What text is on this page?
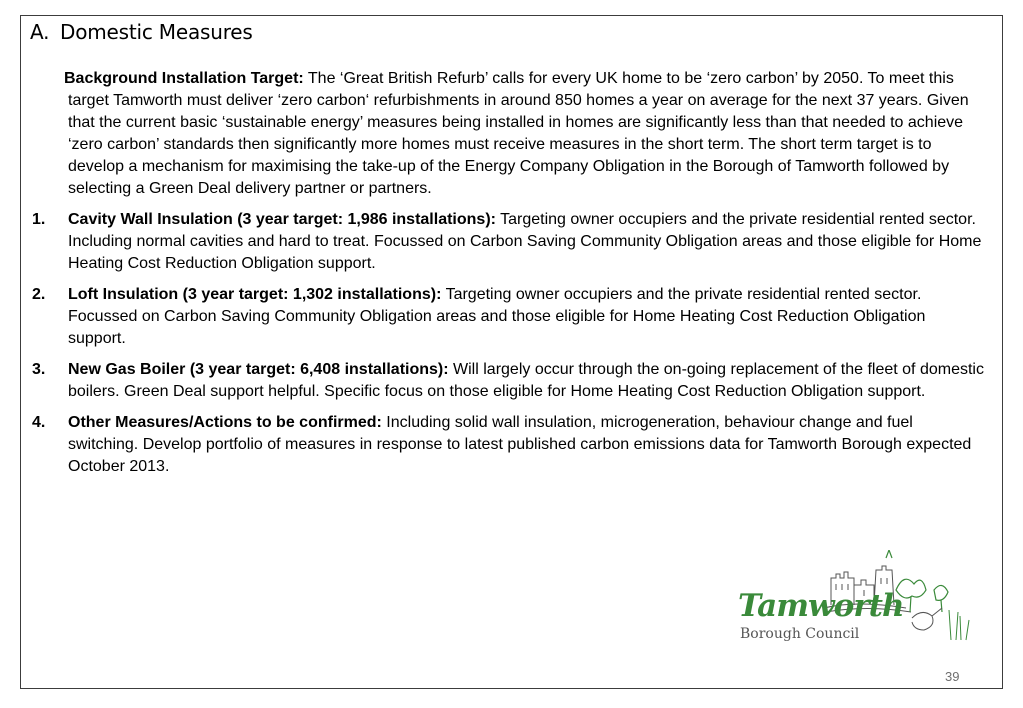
A. Domestic Measures

Background Installation Target: The ‘Great British Refurb’ calls for every UK home to be ‘zero carbon’ by 2050. To meet this target Tamworth must deliver ‘zero carbon‘ refurbishments in around 850 homes a year on average for the next 37 years. Given that the current basic ‘sustainable energy’ measures being installed in homes are significantly less than that needed to achieve ‘zero carbon’ standards then significantly more homes must receive measures in the short term. The short term target is to develop a mechanism for maximising the take-up of the Energy Company Obligation in the Borough of Tamworth followed by selecting a Green Deal delivery partner or partners.

1.	Cavity Wall Insulation (3 year target: 1,986 installations): Targeting owner occupiers and the private residential rented sector. Including normal cavities and hard to treat. Focussed on Carbon Saving Community Obligation areas and those eligible for Home Heating Cost Reduction Obligation support.
2.	Loft Insulation (3 year target: 1,302 installations): Targeting owner occupiers and the private residential rented sector. Focussed on Carbon Saving Community Obligation areas and those eligible for Home Heating Cost Reduction Obligation support.
3.	New Gas Boiler (3 year target: 6,408 installations): Will largely occur through the on-going replacement of the fleet of domestic boilers. Green Deal support helpful. Specific focus on those eligible for Home Heating Cost Reduction Obligation support.
4.	Other Measures/Actions to be confirmed: Including solid wall insulation, microgeneration, behaviour change and fuel switching. Develop portfolio of measures in response to latest published carbon emissions data for Tamworth Borough expected October 2013.
Tamworth
Borough Council
39
